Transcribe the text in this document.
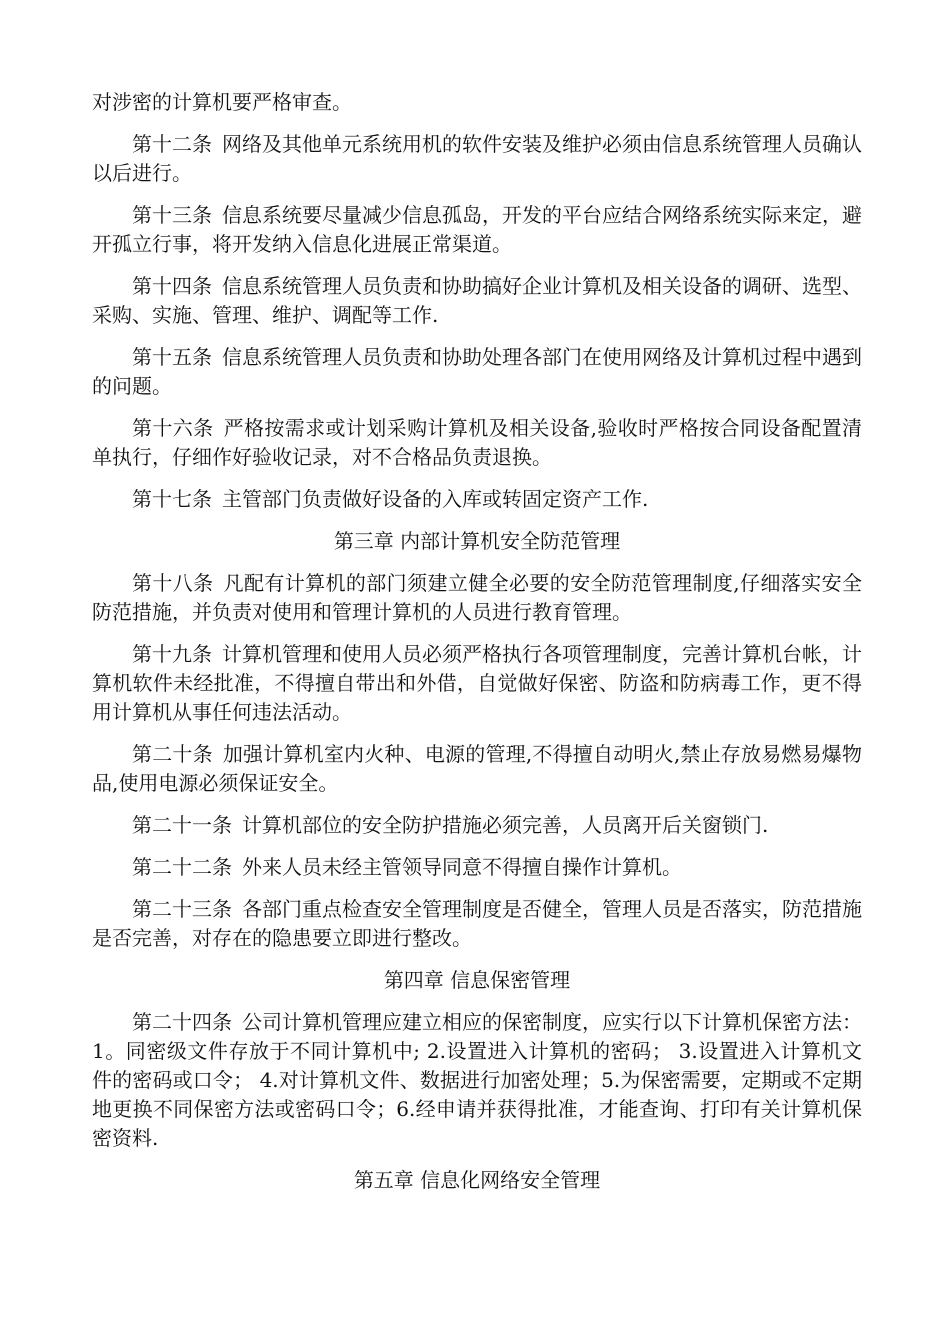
对涉密的计算机要严格审查。

第十二条 网络及其他单元系统用机的软件安装及维护必须由信息系统管理人员确认以后进行。

第十三条 信息系统要尽量减少信息孤岛，开发的平台应结合网络系统实际来定，避开孤立行事，将开发纳入信息化进展正常渠道。

第十四条 信息系统管理人员负责和协助搞好企业计算机及相关设备的调研、选型、采购、实施、管理、维护、调配等工作.

第十五条 信息系统管理人员负责和协助处理各部门在使用网络及计算机过程中遇到的问题。

第十六条 严格按需求或计划采购计算机及相关设备,验收时严格按合同设备配置清单执行，仔细作好验收记录，对不合格品负责退换。

第十七条 主管部门负责做好设备的入库或转固定资产工作.

第三章 内部计算机安全防范管理

第十八条 凡配有计算机的部门须建立健全必要的安全防范管理制度,仔细落实安全防范措施，并负责对使用和管理计算机的人员进行教育管理。

第十九条 计算机管理和使用人员必须严格执行各项管理制度，完善计算机台帐，计算机软件未经批准，不得擅自带出和外借，自觉做好保密、防盗和防病毒工作，更不得用计算机从事任何违法活动。

第二十条 加强计算机室内火种、电源的管理,不得擅自动明火,禁止存放易燃易爆物品,使用电源必须保证安全。

第二十一条 计算机部位的安全防护措施必须完善，人员离开后关窗锁门.

第二十二条 外来人员未经主管领导同意不得擅自操作计算机。

第二十三条 各部门重点检查安全管理制度是否健全，管理人员是否落实，防范措施是否完善，对存在的隐患要立即进行整改。

第四章 信息保密管理

第二十四条 公司计算机管理应建立相应的保密制度，应实行以下计算机保密方法： 1。同密级文件存放于不同计算机中; 2.设置进入计算机的密码； 3.设置进入计算机文件的密码或口令； 4.对计算机文件、数据进行加密处理；5.为保密需要，定期或不定期地更换不同保密方法或密码口令；6.经申请并获得批准，才能查询、打印有关计算机保密资料.

第五章 信息化网络安全管理
